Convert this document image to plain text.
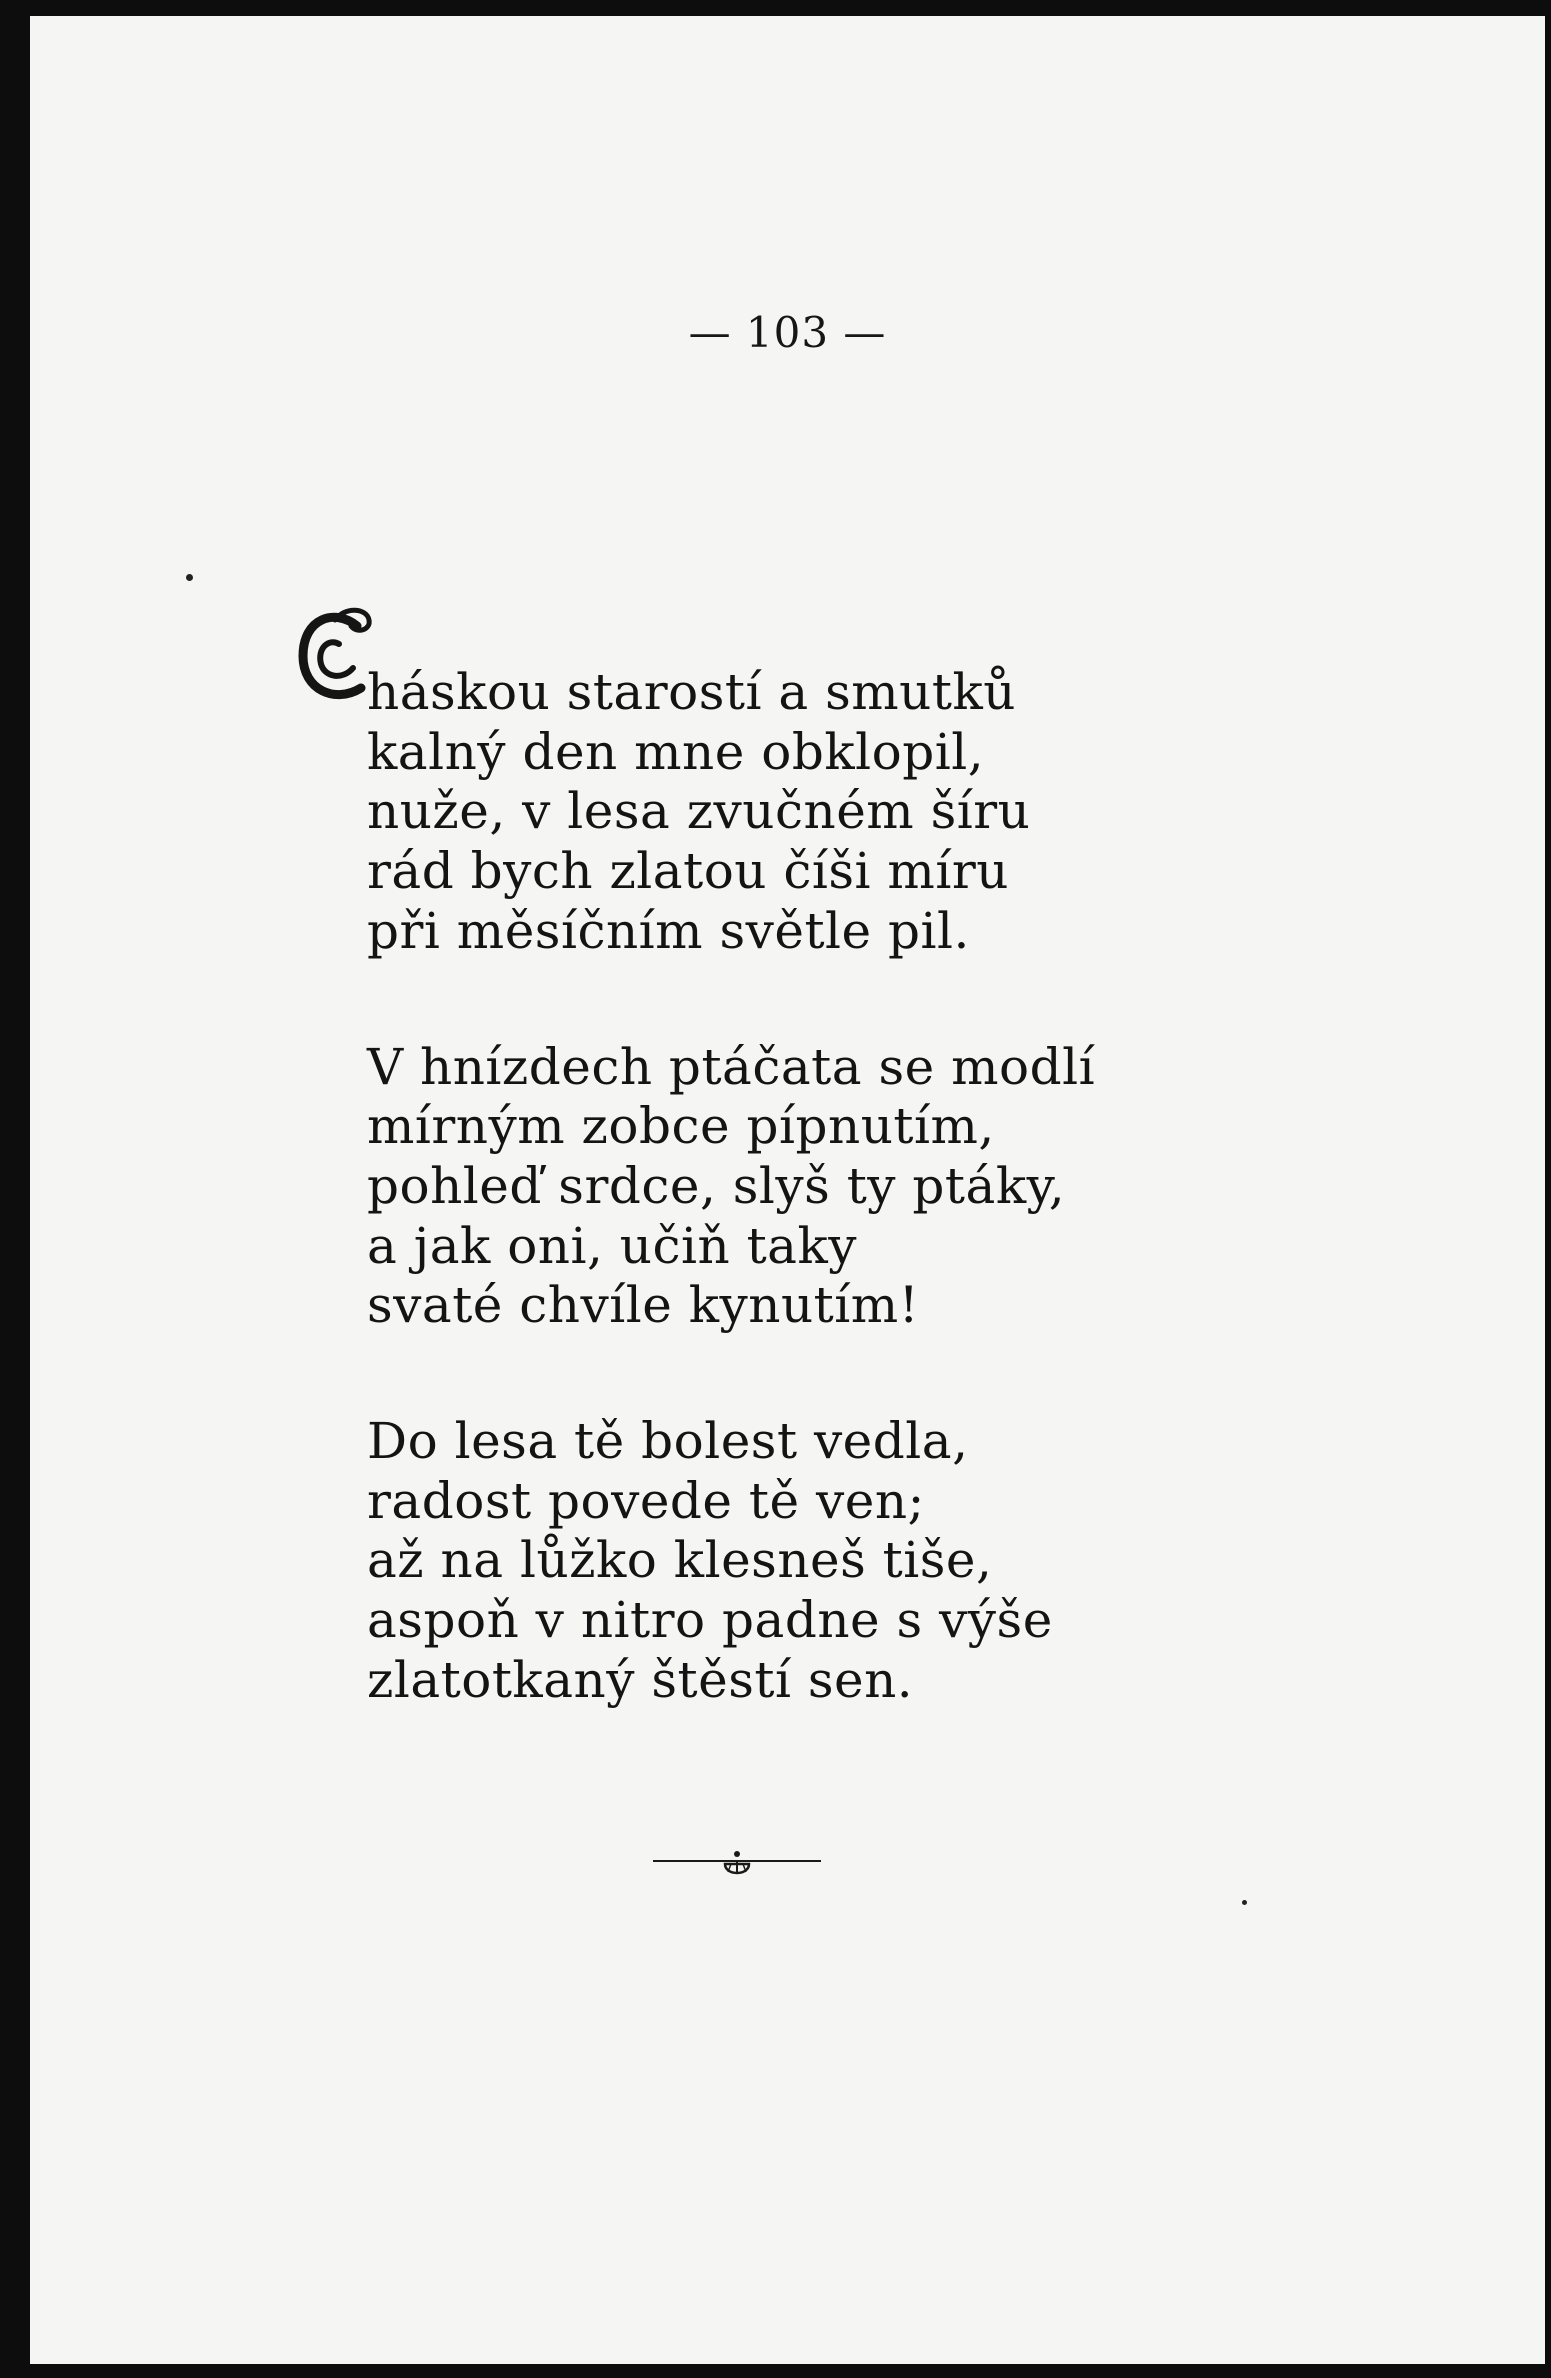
— 103 —
háskou starostí a smutků
kalný den mne obklopil,
nuže, v lesa zvučném šíru
rád bych zlatou číši míru
při měsíčním světle pil.
V hnízdech ptáčata se modlí
mírným zobce pípnutím,
pohleď srdce, slyš ty ptáky,
a jak oni, učiň taky
svaté chvíle kynutím!
Do lesa tě bolest vedla,
radost povede tě ven;
až na lůžko klesneš tiše,
aspoň v nitro padne s výše
zlatotkaný štěstí sen.
